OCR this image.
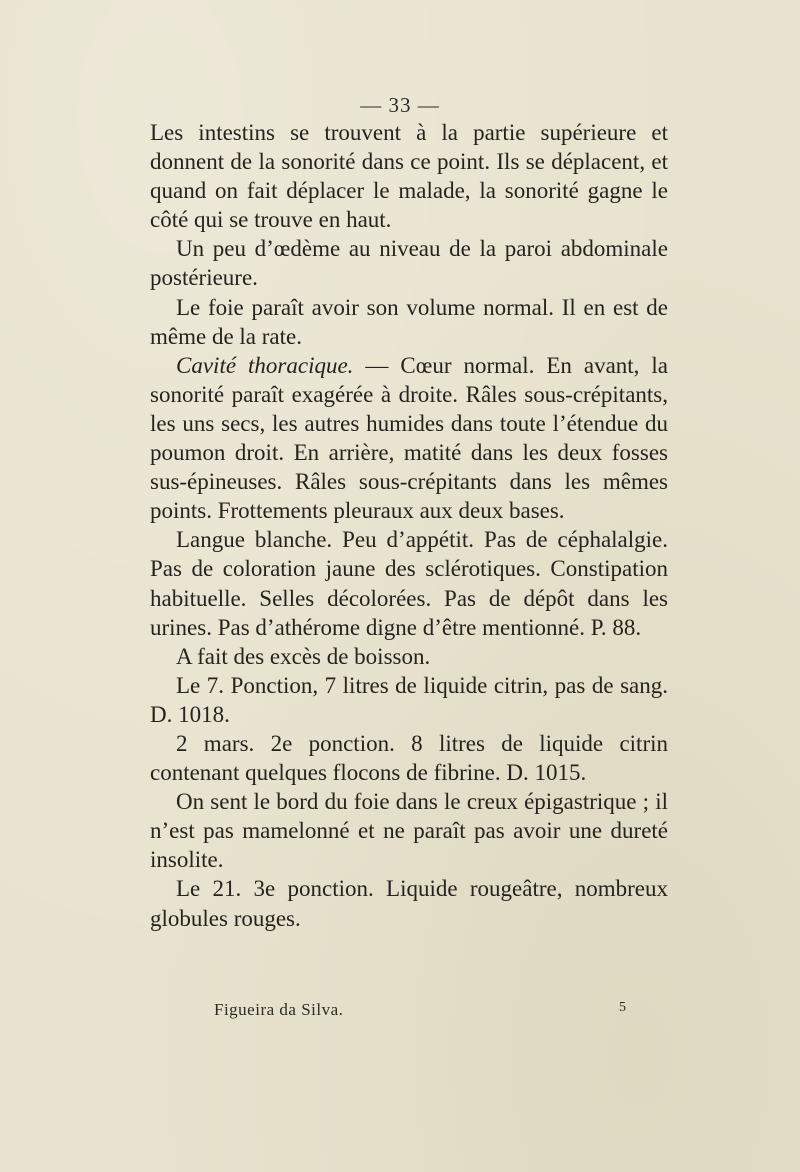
— 33 —

Les intestins se trouvent à la partie supérieure et donnent de la sonorité dans ce point. Ils se déplacent, et quand on fait déplacer le malade, la sonorité gagne le côté qui se trouve en haut.

Un peu d’œdème au niveau de la paroi abdominale postérieure.

Le foie paraît avoir son volume normal. Il en est de même de la rate.

Cavité thoracique. — Cœur normal. En avant, la sonorité paraît exagérée à droite. Râles sous-crépitants, les uns secs, les autres humides dans toute l’étendue du poumon droit. En arrière, matité dans les deux fosses sus-épineuses. Râles sous-crépitants dans les mêmes points. Frottements pleuraux aux deux bases.

Langue blanche. Peu d’appétit. Pas de céphalalgie. Pas de coloration jaune des sclérotiques. Constipation habituelle. Selles décolorées. Pas de dépôt dans les urines. Pas d’athérome digne d’être mentionné. P. 88.

A fait des excès de boisson.

Le 7. Ponction, 7 litres de liquide citrin, pas de sang. D. 1018.

2 mars. 2e ponction. 8 litres de liquide citrin contenant quelques flocons de fibrine. D. 1015.

On sent le bord du foie dans le creux épigastrique ; il n’est pas mamelonné et ne paraît pas avoir une dureté insolite.

Le 21. 3e ponction. Liquide rougeâtre, nombreux globules rouges.

Figueira da Silva.	5
